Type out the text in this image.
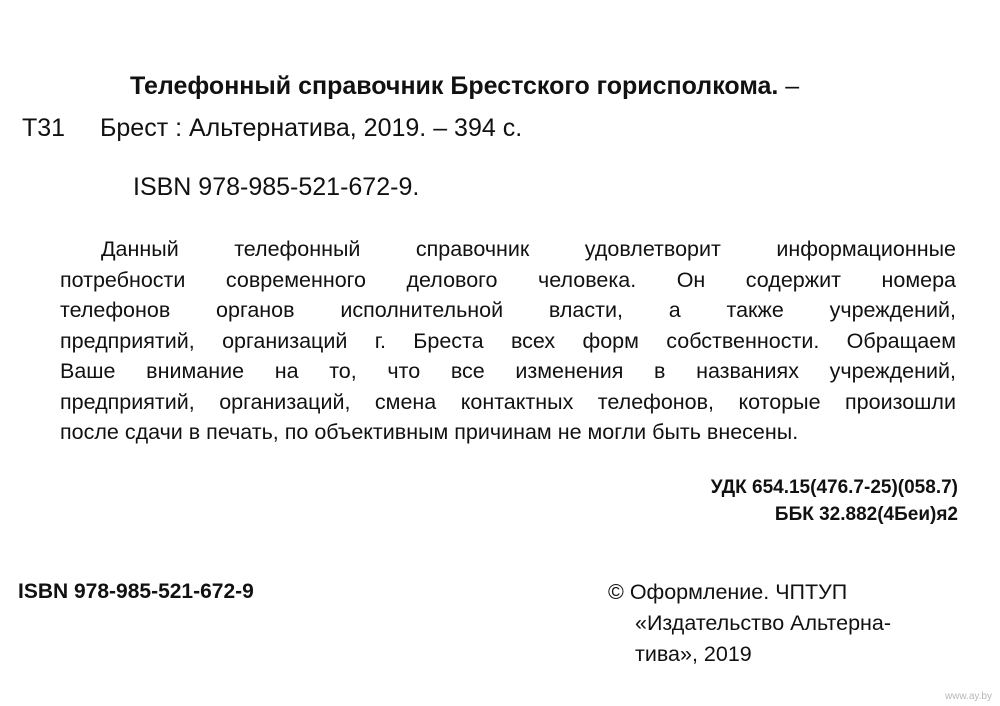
Телефонный справочник Брестского горисполкома. –
Т31 Брест : Альтернатива, 2019. – 394 с.
ISBN 978-985-521-672-9.
Данный телефонный справочник удовлетворит информационные
потребности современного делового человека. Он содержит номера
телефонов органов исполнительной власти, а также учреждений,
предприятий, организаций г. Бреста всех форм собственности. Обращаем
Ваше внимание на то, что все изменения в названиях учреждений,
предприятий, организаций, смена контактных телефонов, которые произошли
после сдачи в печать, по объективным причинам не могли быть внесены.
УДК 654.15(476.7-25)(058.7)
ББК 32.882(4Беи)я2
ISBN 978-985-521-672-9	© Оформление. ЧПТУП
«Издательство Альтерна-
тива», 2019
www.ay.by
